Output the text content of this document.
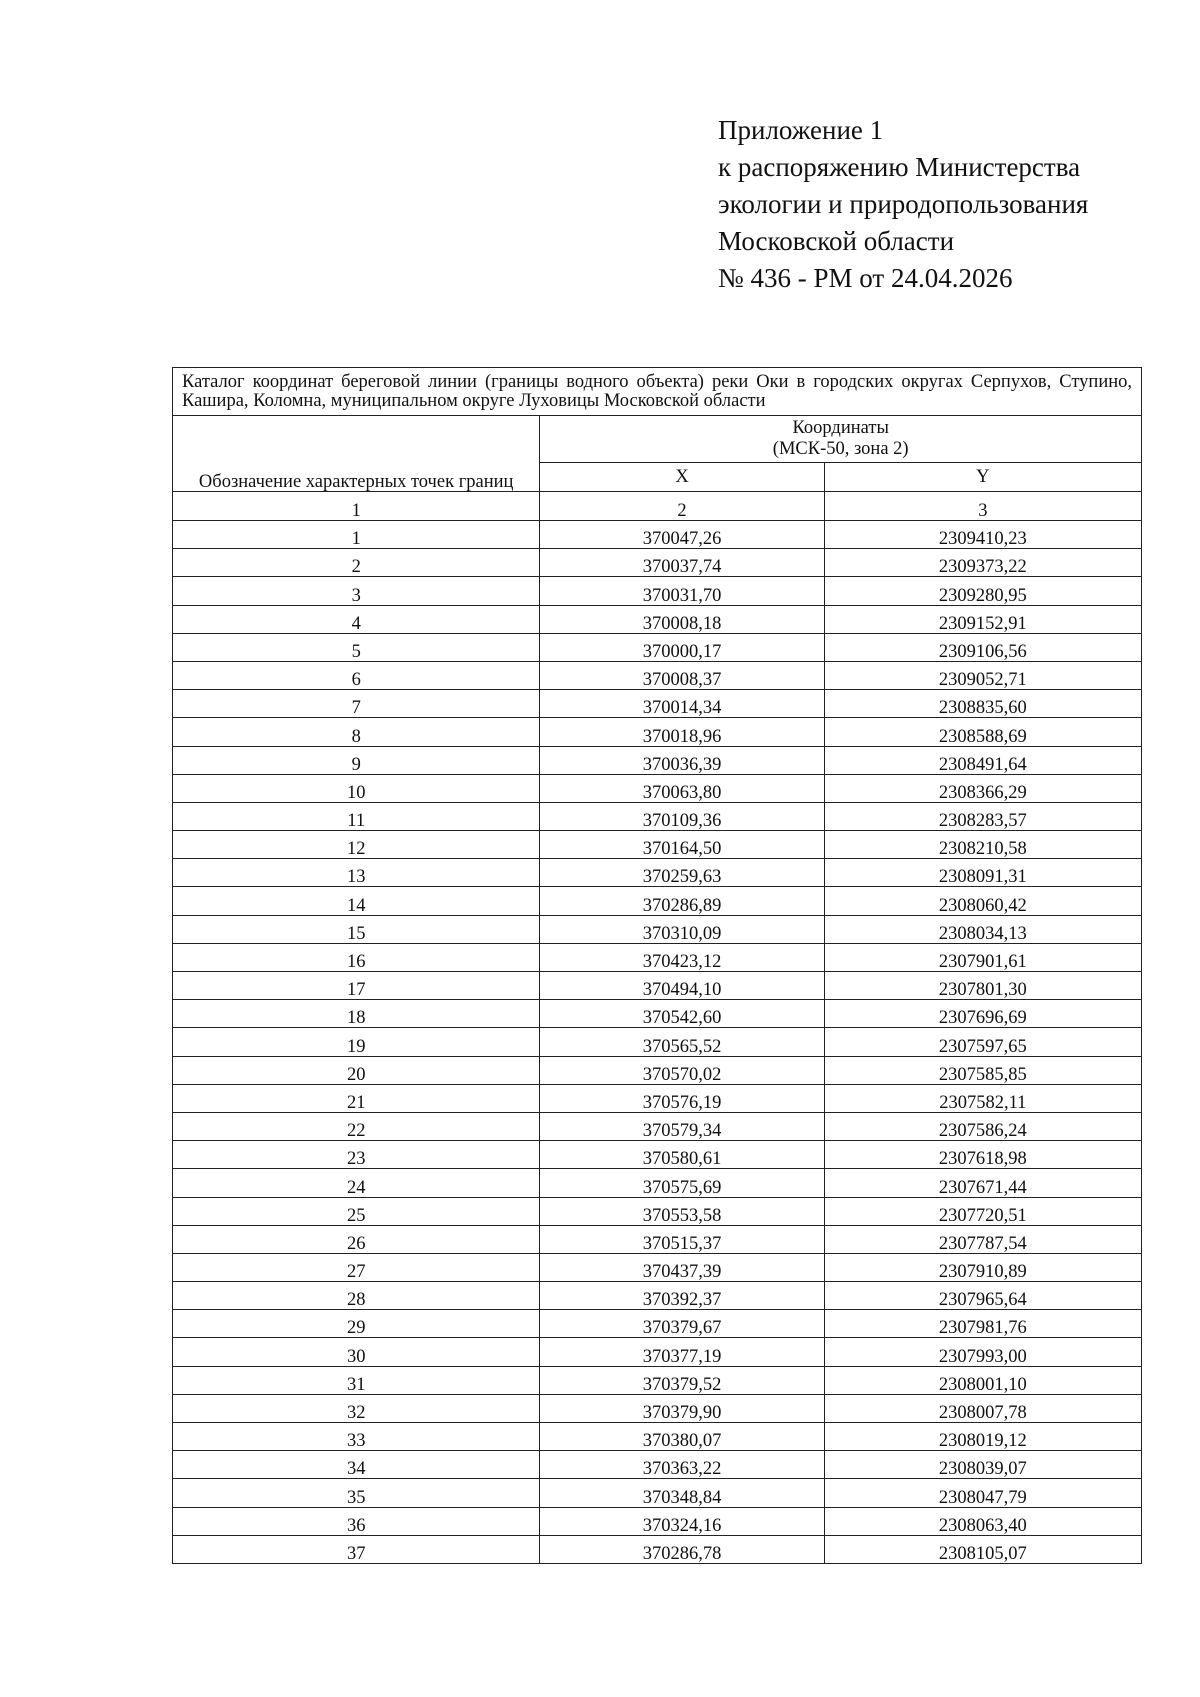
Приложение 1
к распоряжению Министерства
экологии и природопользования
Московской области
№ 436 - РМ от 24.04.2026
Каталог координат береговой линии (границы водного объекта) реки Оки в городских округах Серпухов, Ступино, Кашира, Коломна, муниципальном округе Луховицы Московской области		
Обозначение характерных точек границ	Координаты
(МСК-50, зона 2)	

	X	Y
1	2	3
1	370047,26	2309410,23
2	370037,74	2309373,22
3	370031,70	2309280,95
4	370008,18	2309152,91
5	370000,17	2309106,56
6	370008,37	2309052,71
7	370014,34	2308835,60
8	370018,96	2308588,69
9	370036,39	2308491,64
10	370063,80	2308366,29
11	370109,36	2308283,57
12	370164,50	2308210,58
13	370259,63	2308091,31
14	370286,89	2308060,42
15	370310,09	2308034,13
16	370423,12	2307901,61
17	370494,10	2307801,30
18	370542,60	2307696,69
19	370565,52	2307597,65
20	370570,02	2307585,85
21	370576,19	2307582,11
22	370579,34	2307586,24
23	370580,61	2307618,98
24	370575,69	2307671,44
25	370553,58	2307720,51
26	370515,37	2307787,54
27	370437,39	2307910,89
28	370392,37	2307965,64
29	370379,67	2307981,76
30	370377,19	2307993,00
31	370379,52	2308001,10
32	370379,90	2308007,78
33	370380,07	2308019,12
34	370363,22	2308039,07
35	370348,84	2308047,79
36	370324,16	2308063,40
37	370286,78	2308105,07
